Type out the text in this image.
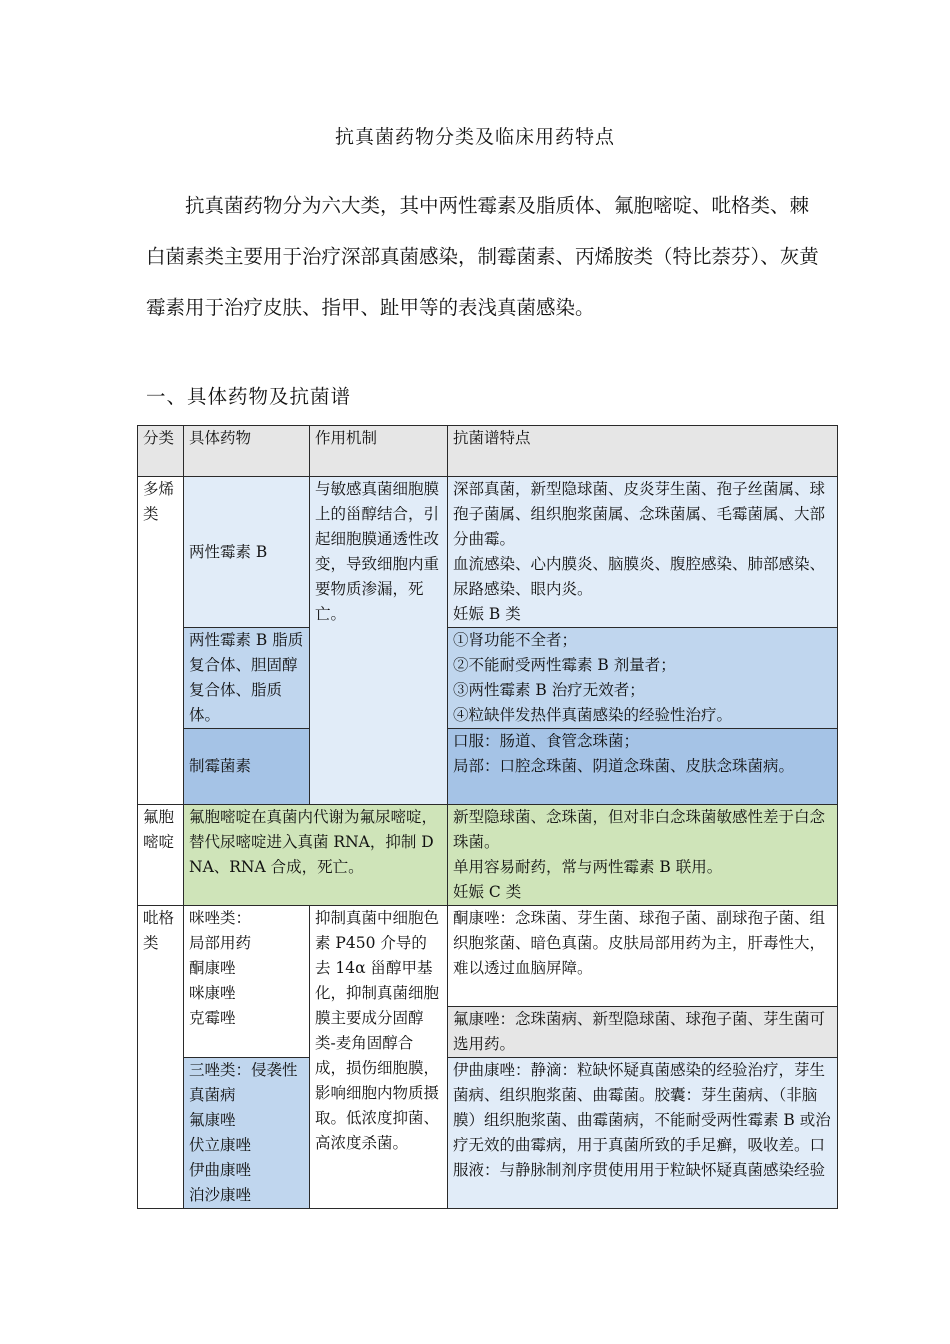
抗真菌药物分类及临床用药特点

抗真菌药物分为六大类，其中两性霉素及脂质体、氟胞嘧啶、吡格类、棘白菌素类主要用于治疗深部真菌感染，制霉菌素、丙烯胺类（特比萘芬）、灰黄霉素用于治疗皮肤、指甲、趾甲等的表浅真菌感染。

一、具体药物及抗菌谱
分类	具体药物	作用机制	抗菌谱特点
多烯类	两性霉素 B	与敏感真菌细胞膜上的甾醇结合，引起细胞膜通透性改变，导致细胞内重要物质渗漏，死亡。	深部真菌，新型隐球菌、皮炎芽生菌、孢子丝菌属、球孢子菌属、组织胞浆菌属、念珠菌属、毛霉菌属、大部分曲霉。
血流感染、心内膜炎、脑膜炎、腹腔感染、肺部感染、尿路感染、眼内炎。
妊娠 B 类

	两性霉素 B 脂质复合体、胆固醇复合体、脂质体。		①肾功能不全者；
②不能耐受两性霉素 B 剂量者；
③两性霉素 B 治疗无效者；
④粒缺伴发热伴真菌感染的经验性治疗。

	制霉菌素		口服：肠道、食管念珠菌；
局部：口腔念珠菌、阴道念珠菌、皮肤念珠菌病。

氟胞嘧啶	氟胞嘧啶在真菌内代谢为氟尿嘧啶，替代尿嘧啶进入真菌 RNA，抑制 DNA、RNA 合成，死亡。		新型隐球菌、念珠菌，但对非白念珠菌敏感性差于白念珠菌。
单用容易耐药，常与两性霉素 B 联用。
妊娠 C 类

吡格类	咪唑类：
局部用药
酮康唑
咪康唑
克霉唑	抑制真菌中细胞色素 P450 介导的去 14α 甾醇甲基化，抑制真菌细胞膜主要成分固醇类-麦角固醇合成，损伤细胞膜，影响细胞内物质摄取。低浓度抑菌、高浓度杀菌。	酮康唑：念珠菌、芽生菌、球孢子菌、副球孢子菌、组织胞浆菌、暗色真菌。皮肤局部用药为主，肝毒性大，难以透过血脑屏障。
			氟康唑：念珠菌病、新型隐球菌、球孢子菌、芽生菌可选用药。

	三唑类：侵袭性真菌病
氟康唑
伏立康唑
伊曲康唑
泊沙康唑		伊曲康唑：静滴：粒缺怀疑真菌感染的经验治疗，芽生菌病、组织胞浆菌、曲霉菌。胶囊：芽生菌病、（非脑膜）组织胞浆菌、曲霉菌病，不能耐受两性霉素 B 或治疗无效的曲霉病，用于真菌所致的手足癣，吸收差。口服液：与静脉制剂序贯使用用于粒缺怀疑真菌感染经验
